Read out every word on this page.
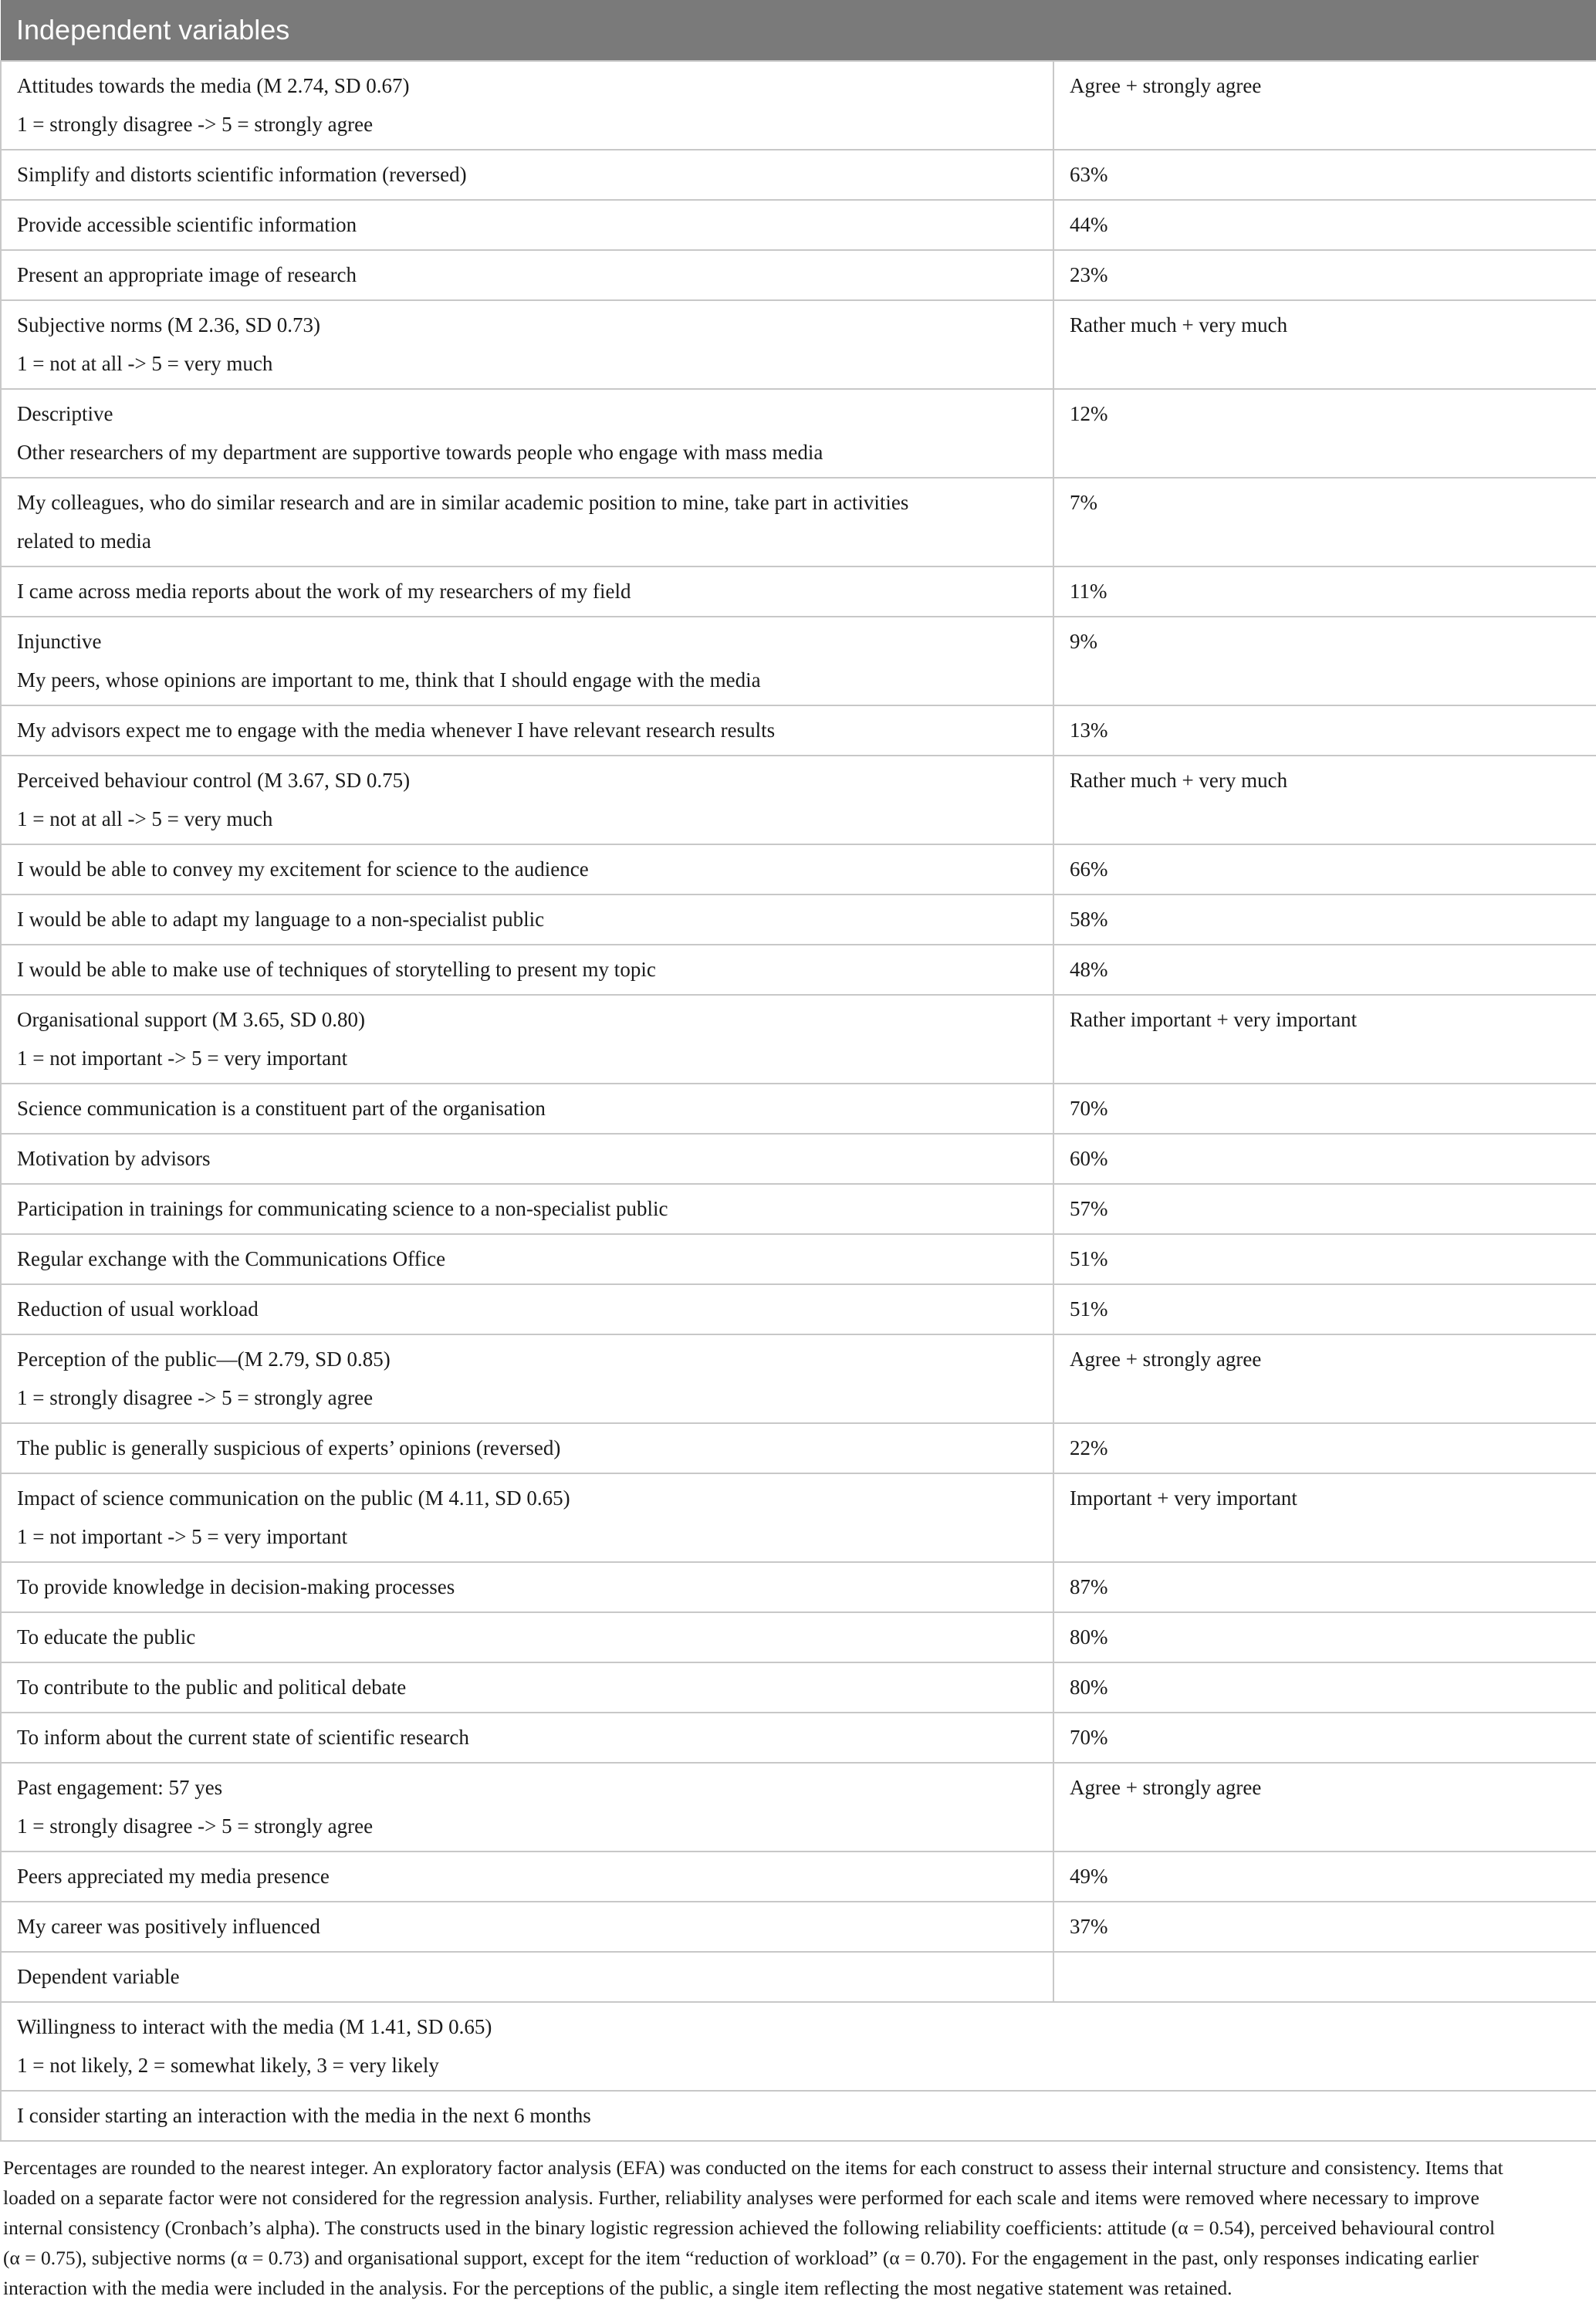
Independent variables	

Attitudes towards the media (M 2.74, SD 0.67)
1 = strongly disagree -> 5 = strongly agree	Agree + strongly agree

Simplify and distorts scientific information (reversed)	63%

Provide accessible scientific information	44%

Present an appropriate image of research	23%

Subjective norms (M 2.36, SD 0.73)
1 = not at all -> 5 = very much	Rather much + very much

Descriptive
Other researchers of my department are supportive towards people who engage with mass media	12%

My colleagues, who do similar research and are in similar academic position to mine, take part in activities
related to media	7%

I came across media reports about the work of my researchers of my field	11%

Injunctive
My peers, whose opinions are important to me, think that I should engage with the media	9%

My advisors expect me to engage with the media whenever I have relevant research results	13%

Perceived behaviour control (M 3.67, SD 0.75)
1 = not at all -> 5 = very much	Rather much + very much

I would be able to convey my excitement for science to the audience	66%

I would be able to adapt my language to a non-specialist public	58%

I would be able to make use of techniques of storytelling to present my topic	48%

Organisational support (M 3.65, SD 0.80)
1 = not important -> 5 = very important	Rather important + very important

Science communication is a constituent part of the organisation	70%

Motivation by advisors	60%

Participation in trainings for communicating science to a non-specialist public	57%

Regular exchange with the Communications Office	51%

Reduction of usual workload	51%

Perception of the public—(M 2.79, SD 0.85)
1 = strongly disagree -> 5 = strongly agree	Agree + strongly agree

The public is generally suspicious of experts’ opinions (reversed)	22%

Impact of science communication on the public (M 4.11, SD 0.65)
1 = not important -> 5 = very important	Important + very important

To provide knowledge in decision-making processes	87%

To educate the public	80%

To contribute to the public and political debate	80%

To inform about the current state of scientific research	70%

Past engagement: 57 yes
1 = strongly disagree -> 5 = strongly agree	Agree + strongly agree

Peers appreciated my media presence	49%

My career was positively influenced	37%

Dependent variable	

Willingness to interact with the media (M 1.41, SD 0.65)
1 = not likely, 2 = somewhat likely, 3 = very likely	

I consider starting an interaction with the media in the next 6 months	
Percentages are rounded to the nearest integer. An exploratory factor analysis (EFA) was conducted on the items for each construct to assess their internal structure and consistency. Items that
loaded on a separate factor were not considered for the regression analysis. Further, reliability analyses were performed for each scale and items were removed where necessary to improve
internal consistency (Cronbach’s alpha). The constructs used in the binary logistic regression achieved the following reliability coefficients: attitude (α = 0.54), perceived behavioural control
(α = 0.75), subjective norms (α = 0.73) and organisational support, except for the item “reduction of workload” (α = 0.70). For the engagement in the past, only responses indicating earlier
interaction with the media were included in the analysis. For the perceptions of the public, a single item reflecting the most negative statement was retained.
